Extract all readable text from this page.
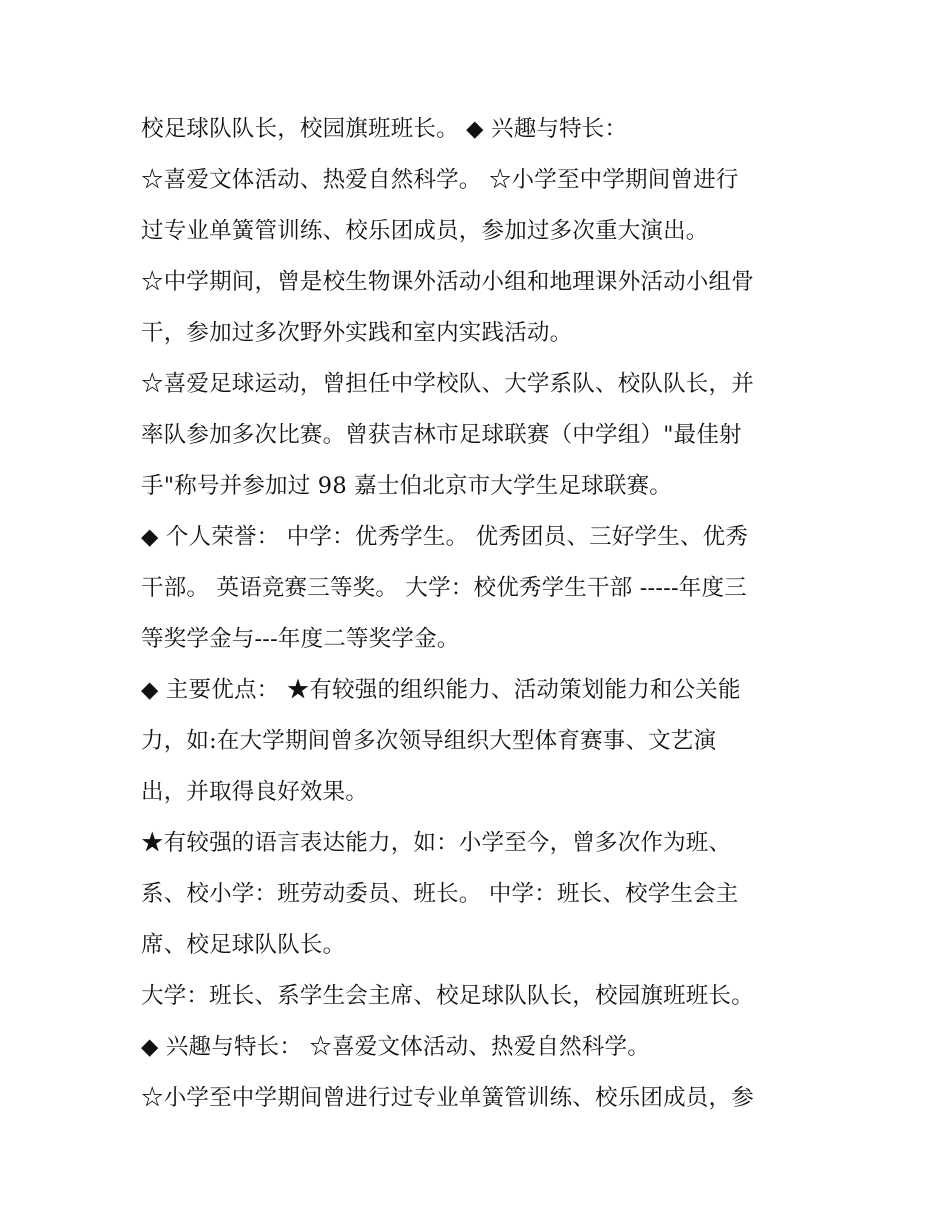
校足球队队长，校园旗班班长。 ◆ 兴趣与特长：
☆喜爱文体活动、热爱自然科学。 ☆小学至中学期间曾进行
过专业单簧管训练、校乐团成员，参加过多次重大演出。
☆中学期间，曾是校生物课外活动小组和地理课外活动小组骨
干，参加过多次野外实践和室内实践活动。
☆喜爱足球运动，曾担任中学校队、大学系队、校队队长，并
率队参加多次比赛。曾获吉林市足球联赛（中学组）"最佳射
手"称号并参加过 98 嘉士伯北京市大学生足球联赛。
◆ 个人荣誉： 中学：优秀学生。 优秀团员、三好学生、优秀
干部。 英语竞赛三等奖。 大学：校优秀学生干部 -----年度三
等奖学金与---年度二等奖学金。
◆ 主要优点： ★有较强的组织能力、活动策划能力和公关能
力，如:在大学期间曾多次领导组织大型体育赛事、文艺演
出，并取得良好效果。
★有较强的语言表达能力，如：小学至今，曾多次作为班、
系、校小学：班劳动委员、班长。 中学：班长、校学生会主
席、校足球队队长。
大学：班长、系学生会主席、校足球队队长，校园旗班班长。
◆ 兴趣与特长： ☆喜爱文体活动、热爱自然科学。
☆小学至中学期间曾进行过专业单簧管训练、校乐团成员，参
